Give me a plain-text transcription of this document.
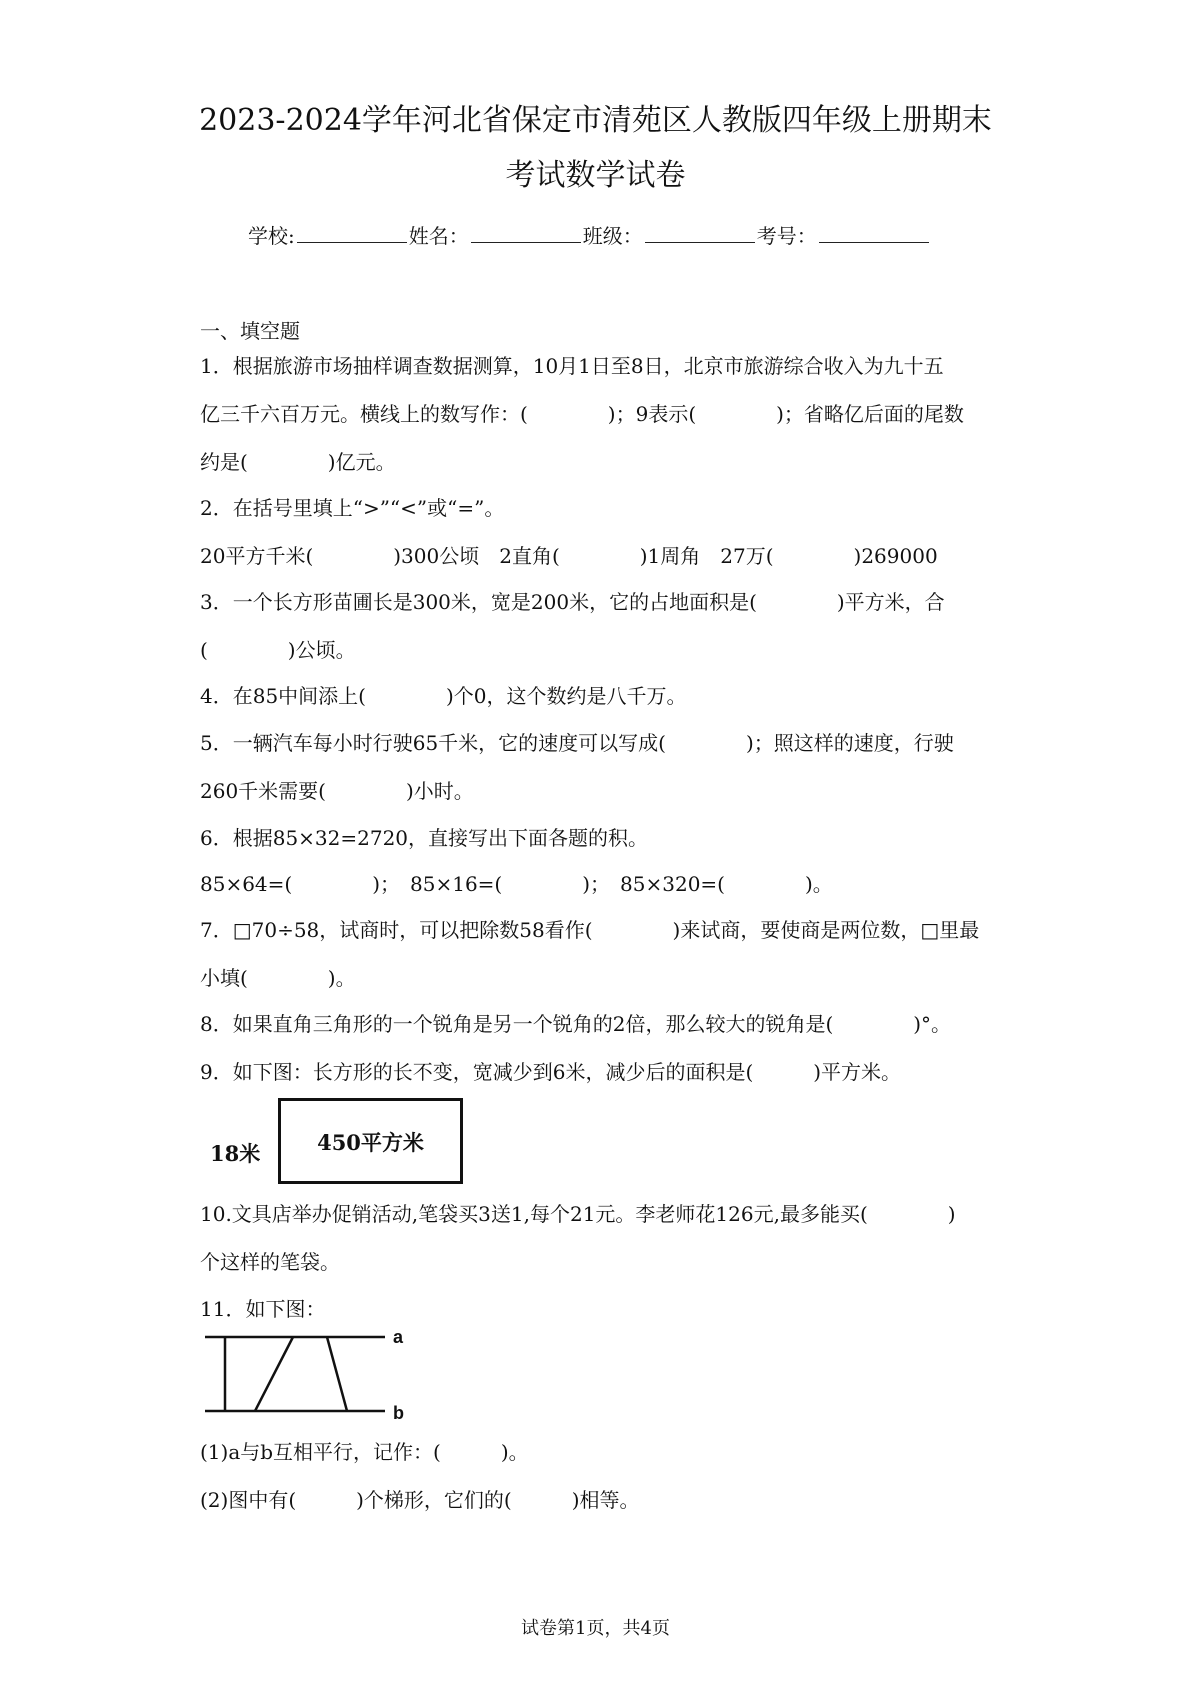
2023-2024学年河北省保定市清苑区人教版四年级上册期末
考试数学试卷
学校:	姓名：	班级：	考号：
一、填空题
1．根据旅游市场抽样调查数据测算，10月1日至8日，北京市旅游综合收入为九十五
亿三千六百万元。横线上的数写作：(　　　　)；9表示(　　　　)；省略亿后面的尾数
约是(　　　　)亿元。
2．在括号里填上“>”“<”或“=”。
20平方千米(　　　　)300公顷　2直角(　　　　)1周角　27万(　　　　)269000
3．一个长方形苗圃长是300米，宽是200米，它的占地面积是(　　　　)平方米，合
(　　　　)公顷。
4．在85中间添上(　　　　)个0，这个数约是八千万。
5．一辆汽车每小时行驶65千米，它的速度可以写成(　　　　)；照这样的速度，行驶
260千米需要(　　　　)小时。
6．根据85×32=2720，直接写出下面各题的积。
85×64=(　　　　)；　85×16=(　　　　)；　85×320=(　　　　)。
7．□70÷58，试商时，可以把除数58看作(　　　　)来试商，要使商是两位数，□里最
小填(　　　　)。
8．如果直角三角形的一个锐角是另一个锐角的2倍，那么较大的锐角是(　　　　)°。
9．如下图：长方形的长不变，宽减少到6米，减少后的面积是(　　　)平方米。
18米	450平方米
10.文具店举办促销活动,笔袋买3送1,每个21元。李老师花126元,最多能买(　　　　)
个这样的笔袋。
11．如下图：
a
b
(1)a与b互相平行，记作：(　　　)。
(2)图中有(　　　)个梯形，它们的(　　　)相等。
试卷第1页，共4页
